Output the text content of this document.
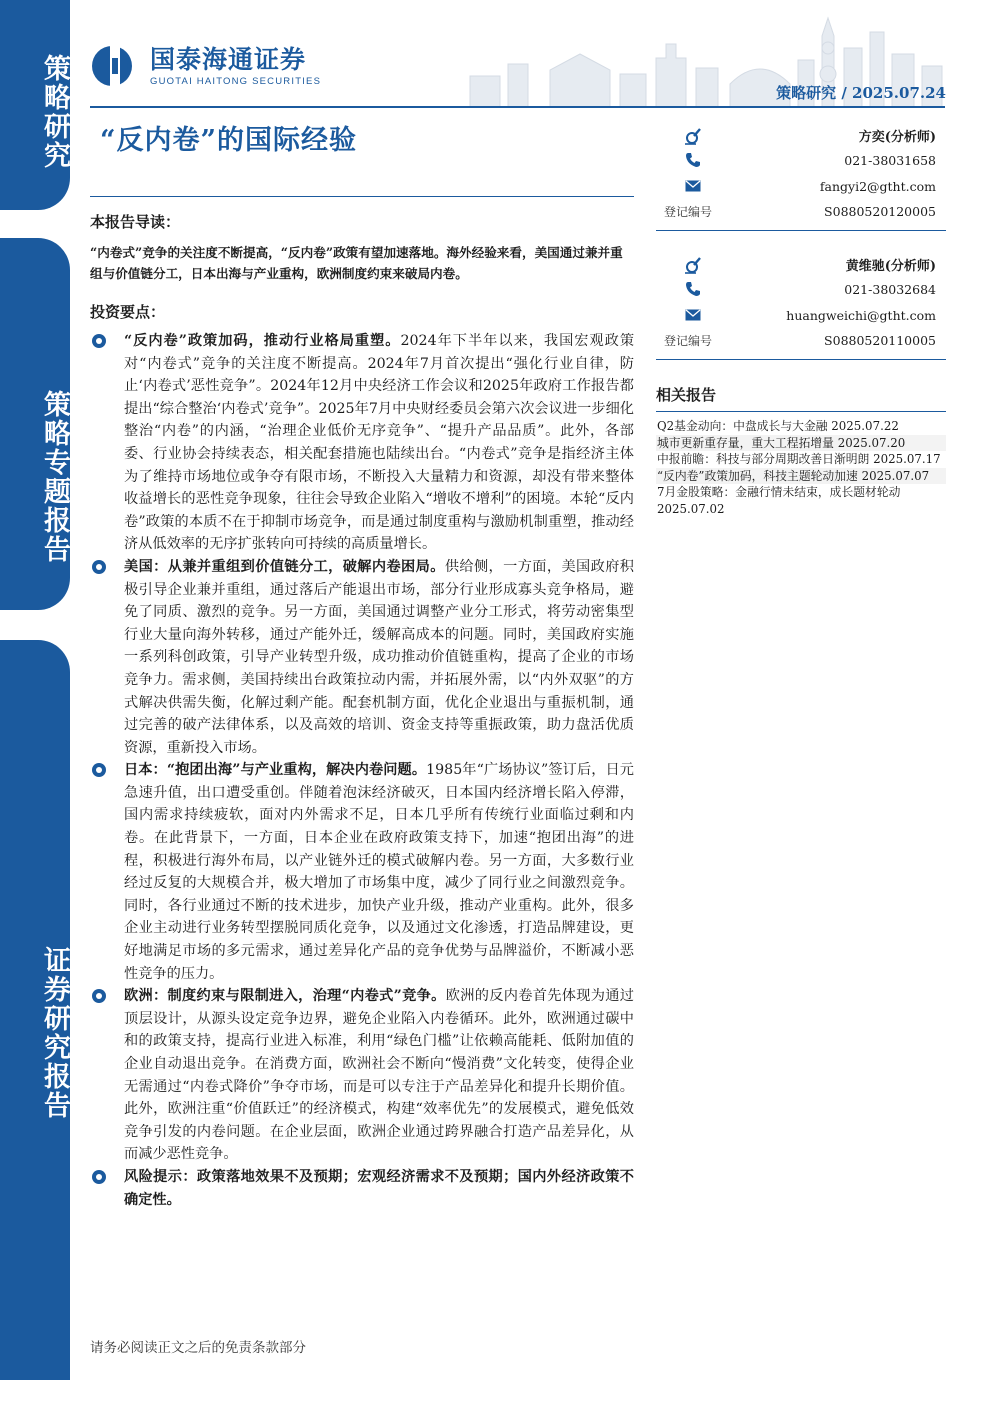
策略研究
策略专题报告
证券研究报告
国泰海通证券
GUOTAI HAITONG SECURITIES
策略研究 / 2025.07.24
“反内卷”的国际经验
本报告导读：
“内卷式”竞争的关注度不断提高，“反内卷”政策有望加速落地。海外经验来看，美国通过兼并重组与价值链分工，日本出海与产业重构，欧洲制度约束来破局内卷。
投资要点：

“反内卷”政策加码，推动行业格局重塑。2024年下半年以来，我国宏观政策对“内卷式”竞争的关注度不断提高。2024年7月首次提出“强化行业自律，防止‘内卷式’恶性竞争”。2024年12月中央经济工作会议和2025年政府工作报告都提出“综合整治‘内卷式’竞争”。2025年7月中央财经委员会第六次会议进一步细化整治“内卷”的内涵，“治理企业低价无序竞争”、“提升产品品质”。此外，各部委、行业协会持续表态，相关配套措施也陆续出台。“内卷式”竞争是指经济主体为了维持市场地位或争夺有限市场，不断投入大量精力和资源，却没有带来整体收益增长的恶性竞争现象，往往会导致企业陷入“增收不增利”的困境。本轮“反内卷”政策的本质不在于抑制市场竞争，而是通过制度重构与激励机制重塑，推动经济从低效率的无序扩张转向可持续的高质量增长。

美国：从兼并重组到价值链分工，破解内卷困局。供给侧，一方面，美国政府积极引导企业兼并重组，通过落后产能退出市场，部分行业形成寡头竞争格局，避免了同质、激烈的竞争。另一方面，美国通过调整产业分工形式，将劳动密集型行业大量向海外转移，通过产能外迁，缓解高成本的问题。同时，美国政府实施一系列科创政策，引导产业转型升级，成功推动价值链重构，提高了企业的市场竞争力。需求侧，美国持续出台政策拉动内需，并拓展外需，以“内外双驱”的方式解决供需失衡，化解过剩产能。配套机制方面，优化企业退出与重振机制，通过完善的破产法律体系，以及高效的培训、资金支持等重振政策，助力盘活优质资源，重新投入市场。

日本：“抱团出海”与产业重构，解决内卷问题。1985年“广场协议”签订后，日元急速升值，出口遭受重创。伴随着泡沫经济破灭，日本国内经济增长陷入停滞，国内需求持续疲软，面对内外需求不足，日本几乎所有传统行业面临过剩和内卷。在此背景下，一方面，日本企业在政府政策支持下，加速“抱团出海”的进程，积极进行海外布局，以产业链外迁的模式破解内卷。另一方面，大多数行业经过反复的大规模合并，极大增加了市场集中度，减少了同行业之间激烈竞争。同时，各行业通过不断的技术进步，加快产业升级，推动产业重构。此外，很多企业主动进行业务转型摆脱同质化竞争，以及通过文化渗透，打造品牌建设，更好地满足市场的多元需求，通过差异化产品的竞争优势与品牌溢价，不断减小恶性竞争的压力。

欧洲：制度约束与限制进入，治理“内卷式”竞争。欧洲的反内卷首先体现为通过顶层设计，从源头设定竞争边界，避免企业陷入内卷循环。此外，欧洲通过碳中和的政策支持，提高行业进入标准，利用“绿色门槛”让依赖高能耗、低附加值的企业自动退出竞争。在消费方面，欧洲社会不断向“慢消费”文化转变，使得企业无需通过“内卷式降价”争夺市场，而是可以专注于产品差异化和提升长期价值。此外，欧洲注重“价值跃迁”的经济模式，构建“效率优先”的发展模式，避免低效竞争引发的内卷问题。在企业层面，欧洲企业通过跨界融合打造产品差异化，从而减少恶性竞争。

风险提示：政策落地效果不及预期；宏观经济需求不及预期；国内外经济政策不确定性。

请务必阅读正文之后的免责条款部分
方奕(分析师)
021-38031658
fangyi2@gtht.com
登记编号	S0880520120005
黄维驰(分析师)
021-38032684
huangweichi@gtht.com
登记编号	S0880520110005
相关报告
Q2基金动向：中盘成长与大金融 2025.07.22
城市更新重存量，重大工程拓增量 2025.07.20
中报前瞻：科技与部分周期改善日渐明朗 2025.07.17
“反内卷”政策加码，科技主题轮动加速 2025.07.07
7月金股策略：金融行情未结束，成长题材轮动 2025.07.02
